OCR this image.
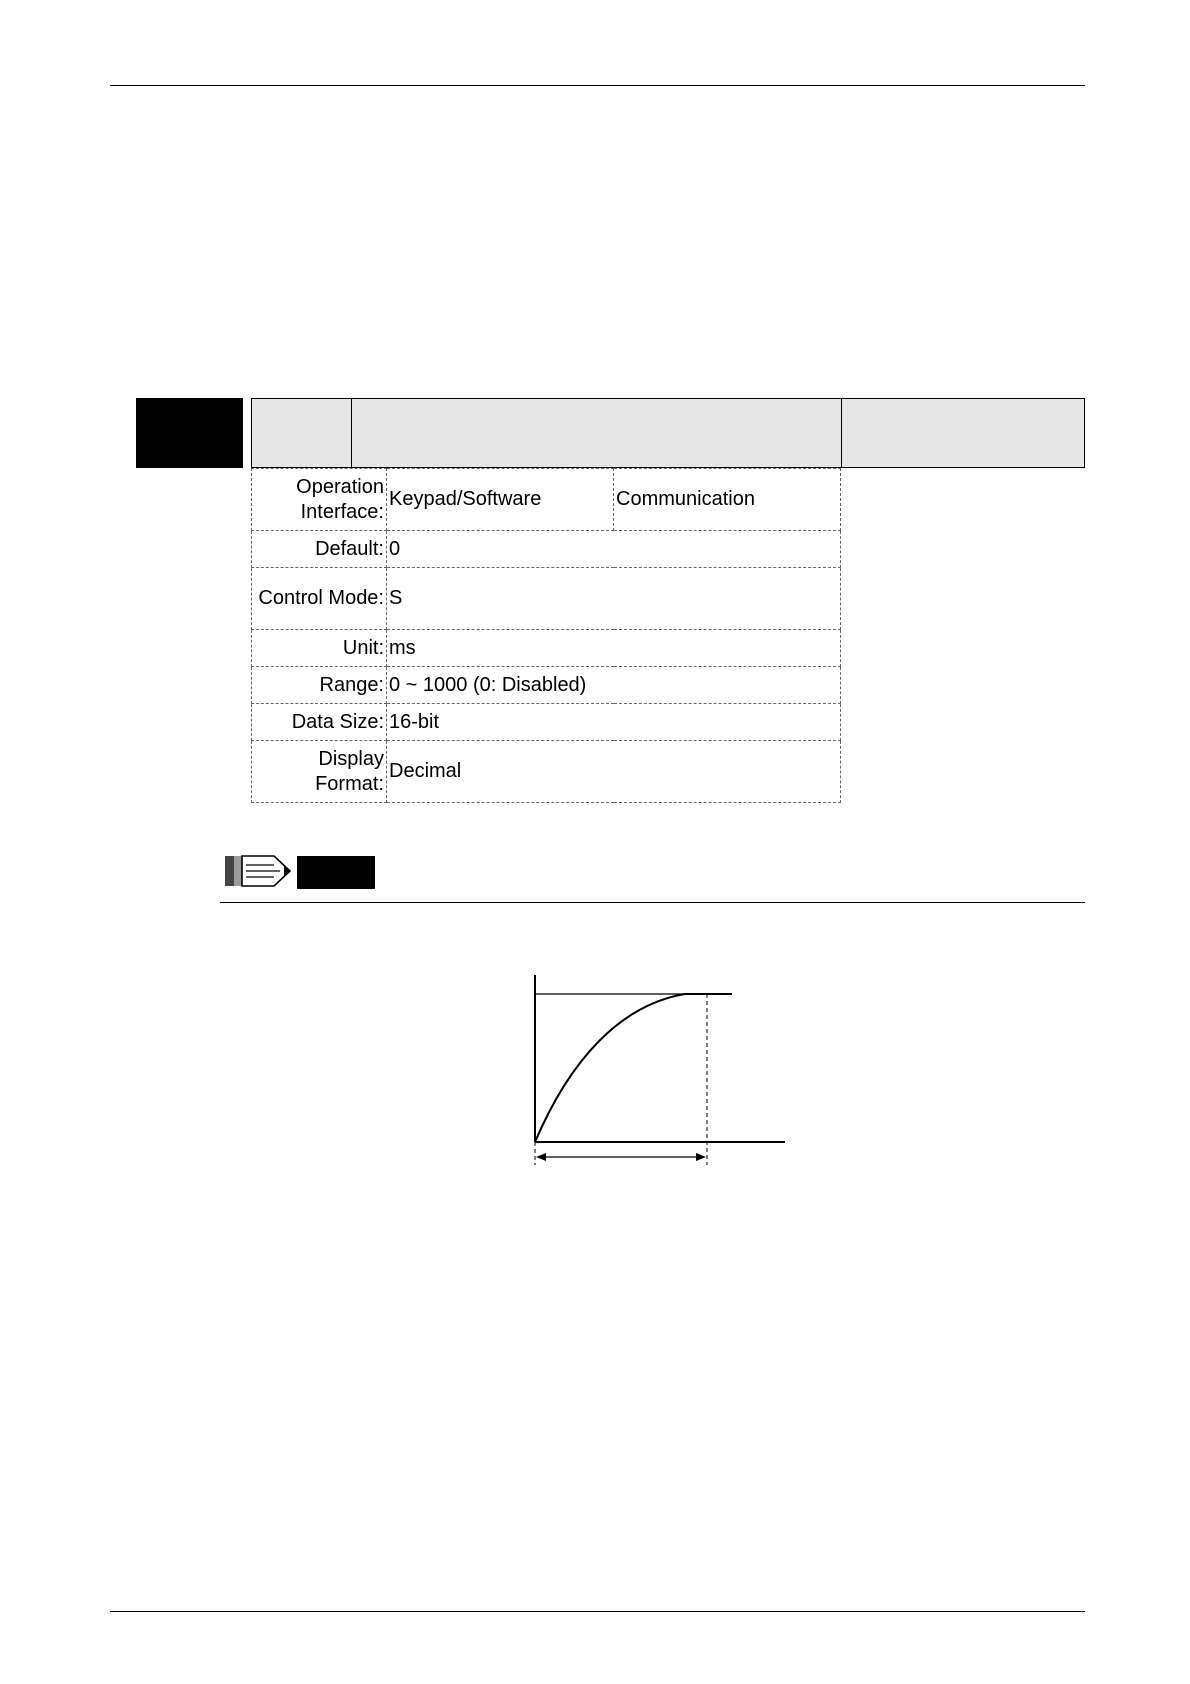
Operation Interface:	Keypad/Software	Communication
Default:	0	
Control Mode:	S	
Unit:	ms	
Range:	0 ~ 1000 (0: Disabled)	
Data Size:	16-bit	
Display Format:	Decimal	
